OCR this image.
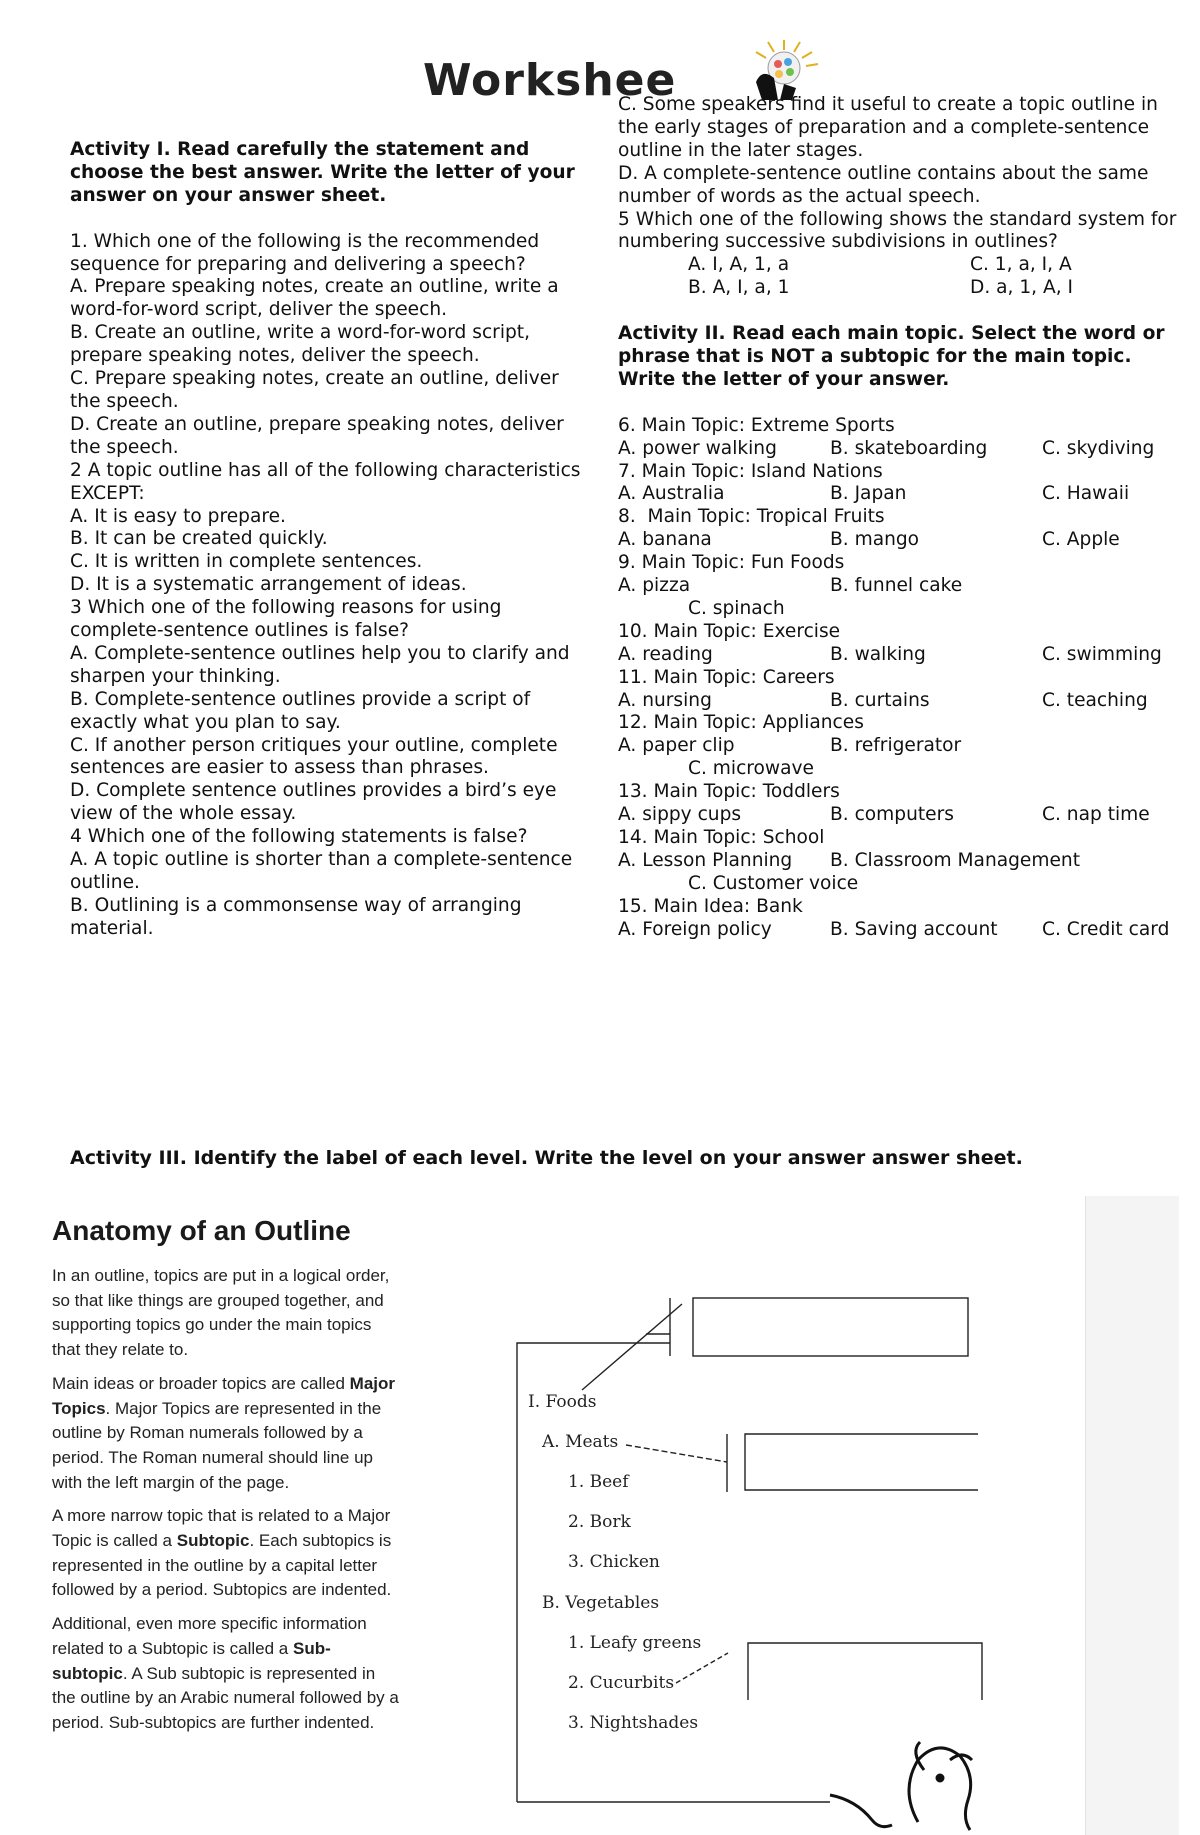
Workshee
Activity I. Read carefully the statement and choose the best answer. Write the letter of your answer on your answer sheet.

1. Which one of the following is the recommended sequence for preparing and delivering a speech?
A. Prepare speaking notes, create an outline, write a word-for-word script, deliver the speech.
B. Create an outline, write a word-for-word script, prepare speaking notes, deliver the speech.
C. Prepare speaking notes, create an outline, deliver the speech.
D. Create an outline, prepare speaking notes, deliver the speech.
2 A topic outline has all of the following characteristics EXCEPT:
A. It is easy to prepare.
B. It can be created quickly.
C. It is written in complete sentences.
D. It is a systematic arrangement of ideas.
3 Which one of the following reasons for using complete-sentence outlines is false?
A. Complete-sentence outlines help you to clarify and sharpen your thinking.
B. Complete-sentence outlines provide a script of exactly what you plan to say.
C. If another person critiques your outline, complete sentences are easier to assess than phrases.
D. Complete sentence outlines provides a bird’s eye view of the whole essay.
4 Which one of the following statements is false?
A. A topic outline is shorter than a complete-sentence outline.
B. Outlining is a commonsense way of arranging material.
C. Some speakers find it useful to create a topic outline in the early stages of preparation and a complete-sentence outline in the later stages.
D. A complete-sentence outline contains about the same number of words as the actual speech.
5 Which one of the following shows the standard system for numbering successive subdivisions in outlines?

A. I, A, 1, a	C. 1, a, I, A
B. A, I, a, 1	D. a, 1, A, I

Activity II. Read each main topic. Select the word or phrase that is NOT a subtopic for the main topic. Write the letter of your answer.

6. Main Topic: Extreme Sports
A. power walking	B. skateboarding	C. skydiving
7. Main Topic: Island Nations
A. Australia	B. Japan	C. Hawaii
8.  Main Topic: Tropical Fruits
A. banana	B. mango	C. Apple
9. Main Topic: Fun Foods
A. pizza	B. funnel cake
C. spinach
10. Main Topic: Exercise
A. reading	B. walking	C. swimming
11. Main Topic: Careers
A. nursing	B. curtains	C. teaching
12. Main Topic: Appliances
A. paper clip	B. refrigerator
C. microwave
13. Main Topic: Toddlers
A. sippy cups	B. computers	C. nap time
14. Main Topic: School
A. Lesson Planning B. Classroom Management
C. Customer voice
15. Main Idea: Bank
A. Foreign policy	B. Saving account C. Credit card
Activity III. Identify the label of each level. Write the level on your answer answer sheet.
Anatomy of an Outline

In an outline, topics are put in a logical order, so that like things are grouped together, and supporting topics go under the main topics that they relate to.

Main ideas or broader topics are called Major Topics. Major Topics are represented in the outline by Roman numerals followed by a period. The Roman numeral should line up with the left margin of the page.

A more narrow topic that is related to a Major Topic is called a Subtopic. Each subtopics is represented in the outline by a capital letter followed by a period. Subtopics are indented.

Additional, even more specific information related to a Subtopic is called a Sub-subtopic. A Sub subtopic is represented in the outline by an Arabic numeral followed by a period. Sub-subtopics are further indented.

I. Foods
A. Meats
1. Beef
2. Bork
3. Chicken
B. Vegetables
1. Leafy greens
2. Cucurbits
3. Nightshades
